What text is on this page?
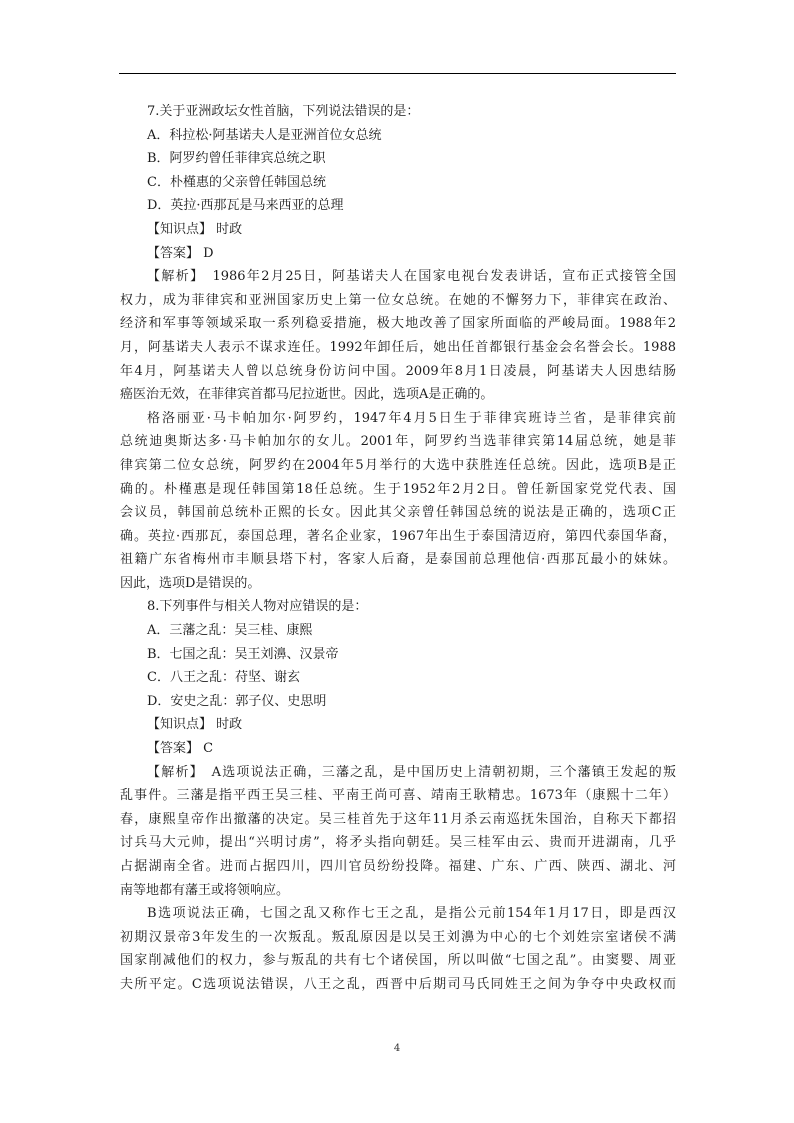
7.关于亚洲政坛女性首脑，下列说法错误的是：
A．科拉松·阿基诺夫人是亚洲首位女总统
B．阿罗约曾任菲律宾总统之职
C．朴槿惠的父亲曾任韩国总统
D．英拉·西那瓦是马来西亚的总理
【知识点】 时政
【答案】 D
【解析】　1986年2月25日，阿基诺夫人在国家电视台发表讲话，宣布正式接管全国
权力，成为菲律宾和亚洲国家历史上第一位女总统。在她的不懈努力下，菲律宾在政治、
经济和军事等领域采取一系列稳妥措施，极大地改善了国家所面临的严峻局面。1988年2
月，阿基诺夫人表示不谋求连任。1992年卸任后，她出任首都银行基金会名誉会长。1988
年4月，阿基诺夫人曾以总统身份访问中国。2009年8月1日凌晨，阿基诺夫人因患结肠
癌医治无效，在菲律宾首都马尼拉逝世。因此，选项A是正确的。
格洛丽亚·马卡帕加尔·阿罗约，1947年4月5日生于菲律宾班诗兰省，是菲律宾前
总统迪奥斯达多·马卡帕加尔的女儿。2001年，阿罗约当选菲律宾第14届总统，她是菲
律宾第二位女总统，阿罗约在2004年5月举行的大选中获胜连任总统。因此，选项B是正
确的。朴槿惠是现任韩国第18任总统。生于1952年2月2日。曾任新国家党党代表、国
会议员，韩国前总统朴正熙的长女。因此其父亲曾任韩国总统的说法是正确的，选项C正
确。英拉·西那瓦，泰国总理，著名企业家，1967年出生于泰国清迈府，第四代泰国华裔，
祖籍广东省梅州市丰顺县塔下村，客家人后裔，是泰国前总理他信·西那瓦最小的妹妹。
因此，选项D是错误的。
8.下列事件与相关人物对应错误的是：
A．三藩之乱：吴三桂、康熙
B．七国之乱：吴王刘濞、汉景帝
C．八王之乱：苻坚、谢玄
D．安史之乱：郭子仪、史思明
【知识点】 时政
【答案】 C
【解析】　A选项说法正确，三藩之乱，是中国历史上清朝初期，三个藩镇王发起的叛
乱事件。三藩是指平西王吴三桂、平南王尚可喜、靖南王耿精忠。1673年（康熙十二年）
春，康熙皇帝作出撤藩的决定。吴三桂首先于这年11月杀云南巡抚朱国治，自称天下都招
讨兵马大元帅，提出“兴明讨虏”，将矛头指向朝廷。吴三桂军由云、贵而开进湖南，几乎
占据湖南全省。进而占据四川，四川官员纷纷投降。福建、广东、广西、陕西、湖北、河
南等地都有藩王或将领响应。
B选项说法正确，七国之乱又称作七王之乱，是指公元前154年1月17日，即是西汉
初期汉景帝3年发生的一次叛乱。叛乱原因是以吴王刘濞为中心的七个刘姓宗室诸侯不满
国家削减他们的权力，参与叛乱的共有七个诸侯国，所以叫做“七国之乱”。由窦婴、周亚
夫所平定。C选项说法错误，八王之乱，西晋中后期司马氏同姓王之间为争夺中央政权而
4
